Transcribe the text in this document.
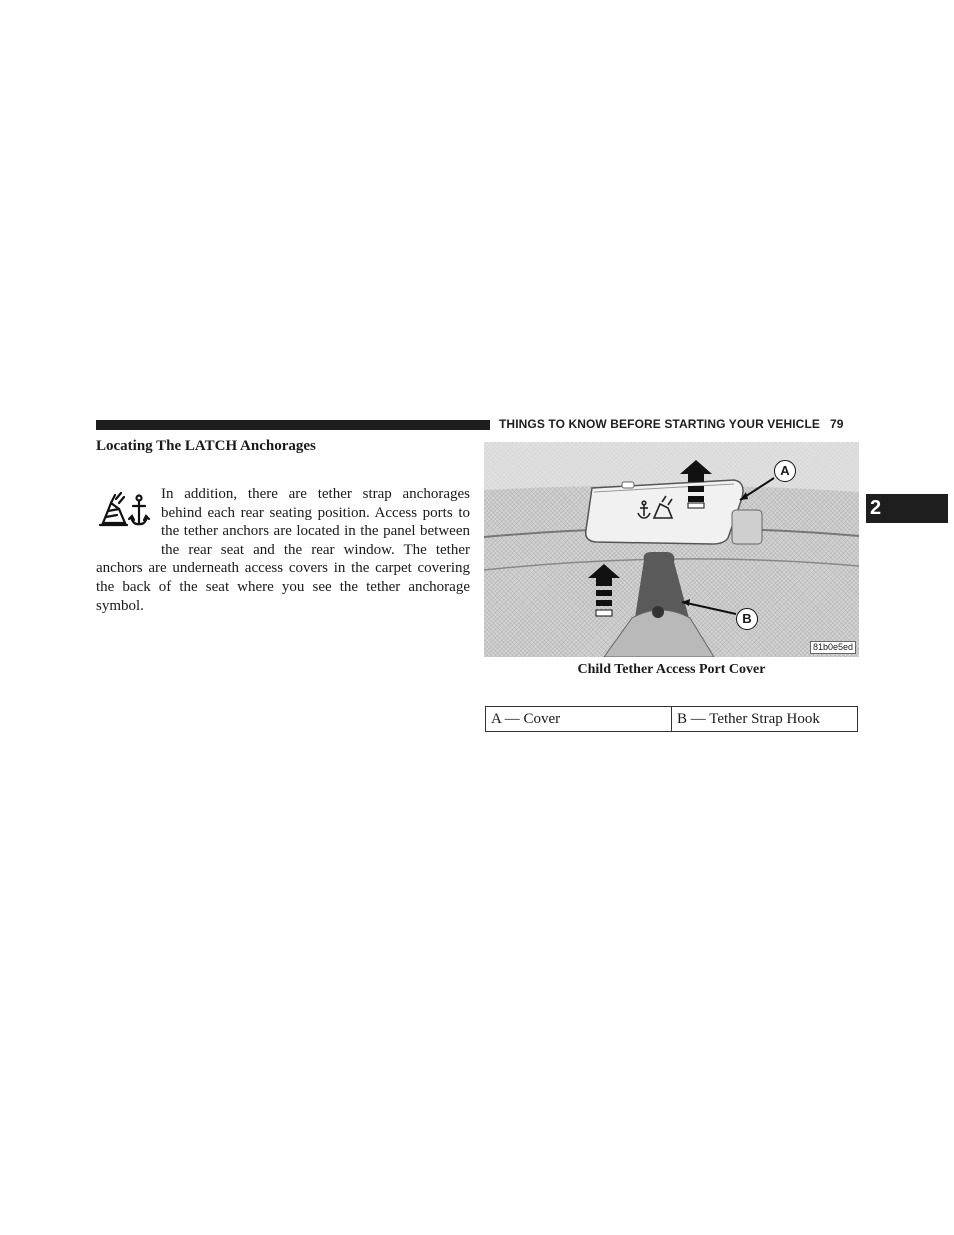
THINGS TO KNOW BEFORE STARTING YOUR VEHICLE 79
2
Locating The LATCH Anchorages
In addition, there are tether strap anchorages behind each rear seating position. Access ports to the tether anchors are located in the panel between the rear seat and the rear window. The tether anchors are underneath access covers in the carpet covering the back of the seat where you see the tether anchorage symbol.
A
B
81b0e5ed
Child Tether Access Port Cover
A — Cover	B — Tether Strap Hook
